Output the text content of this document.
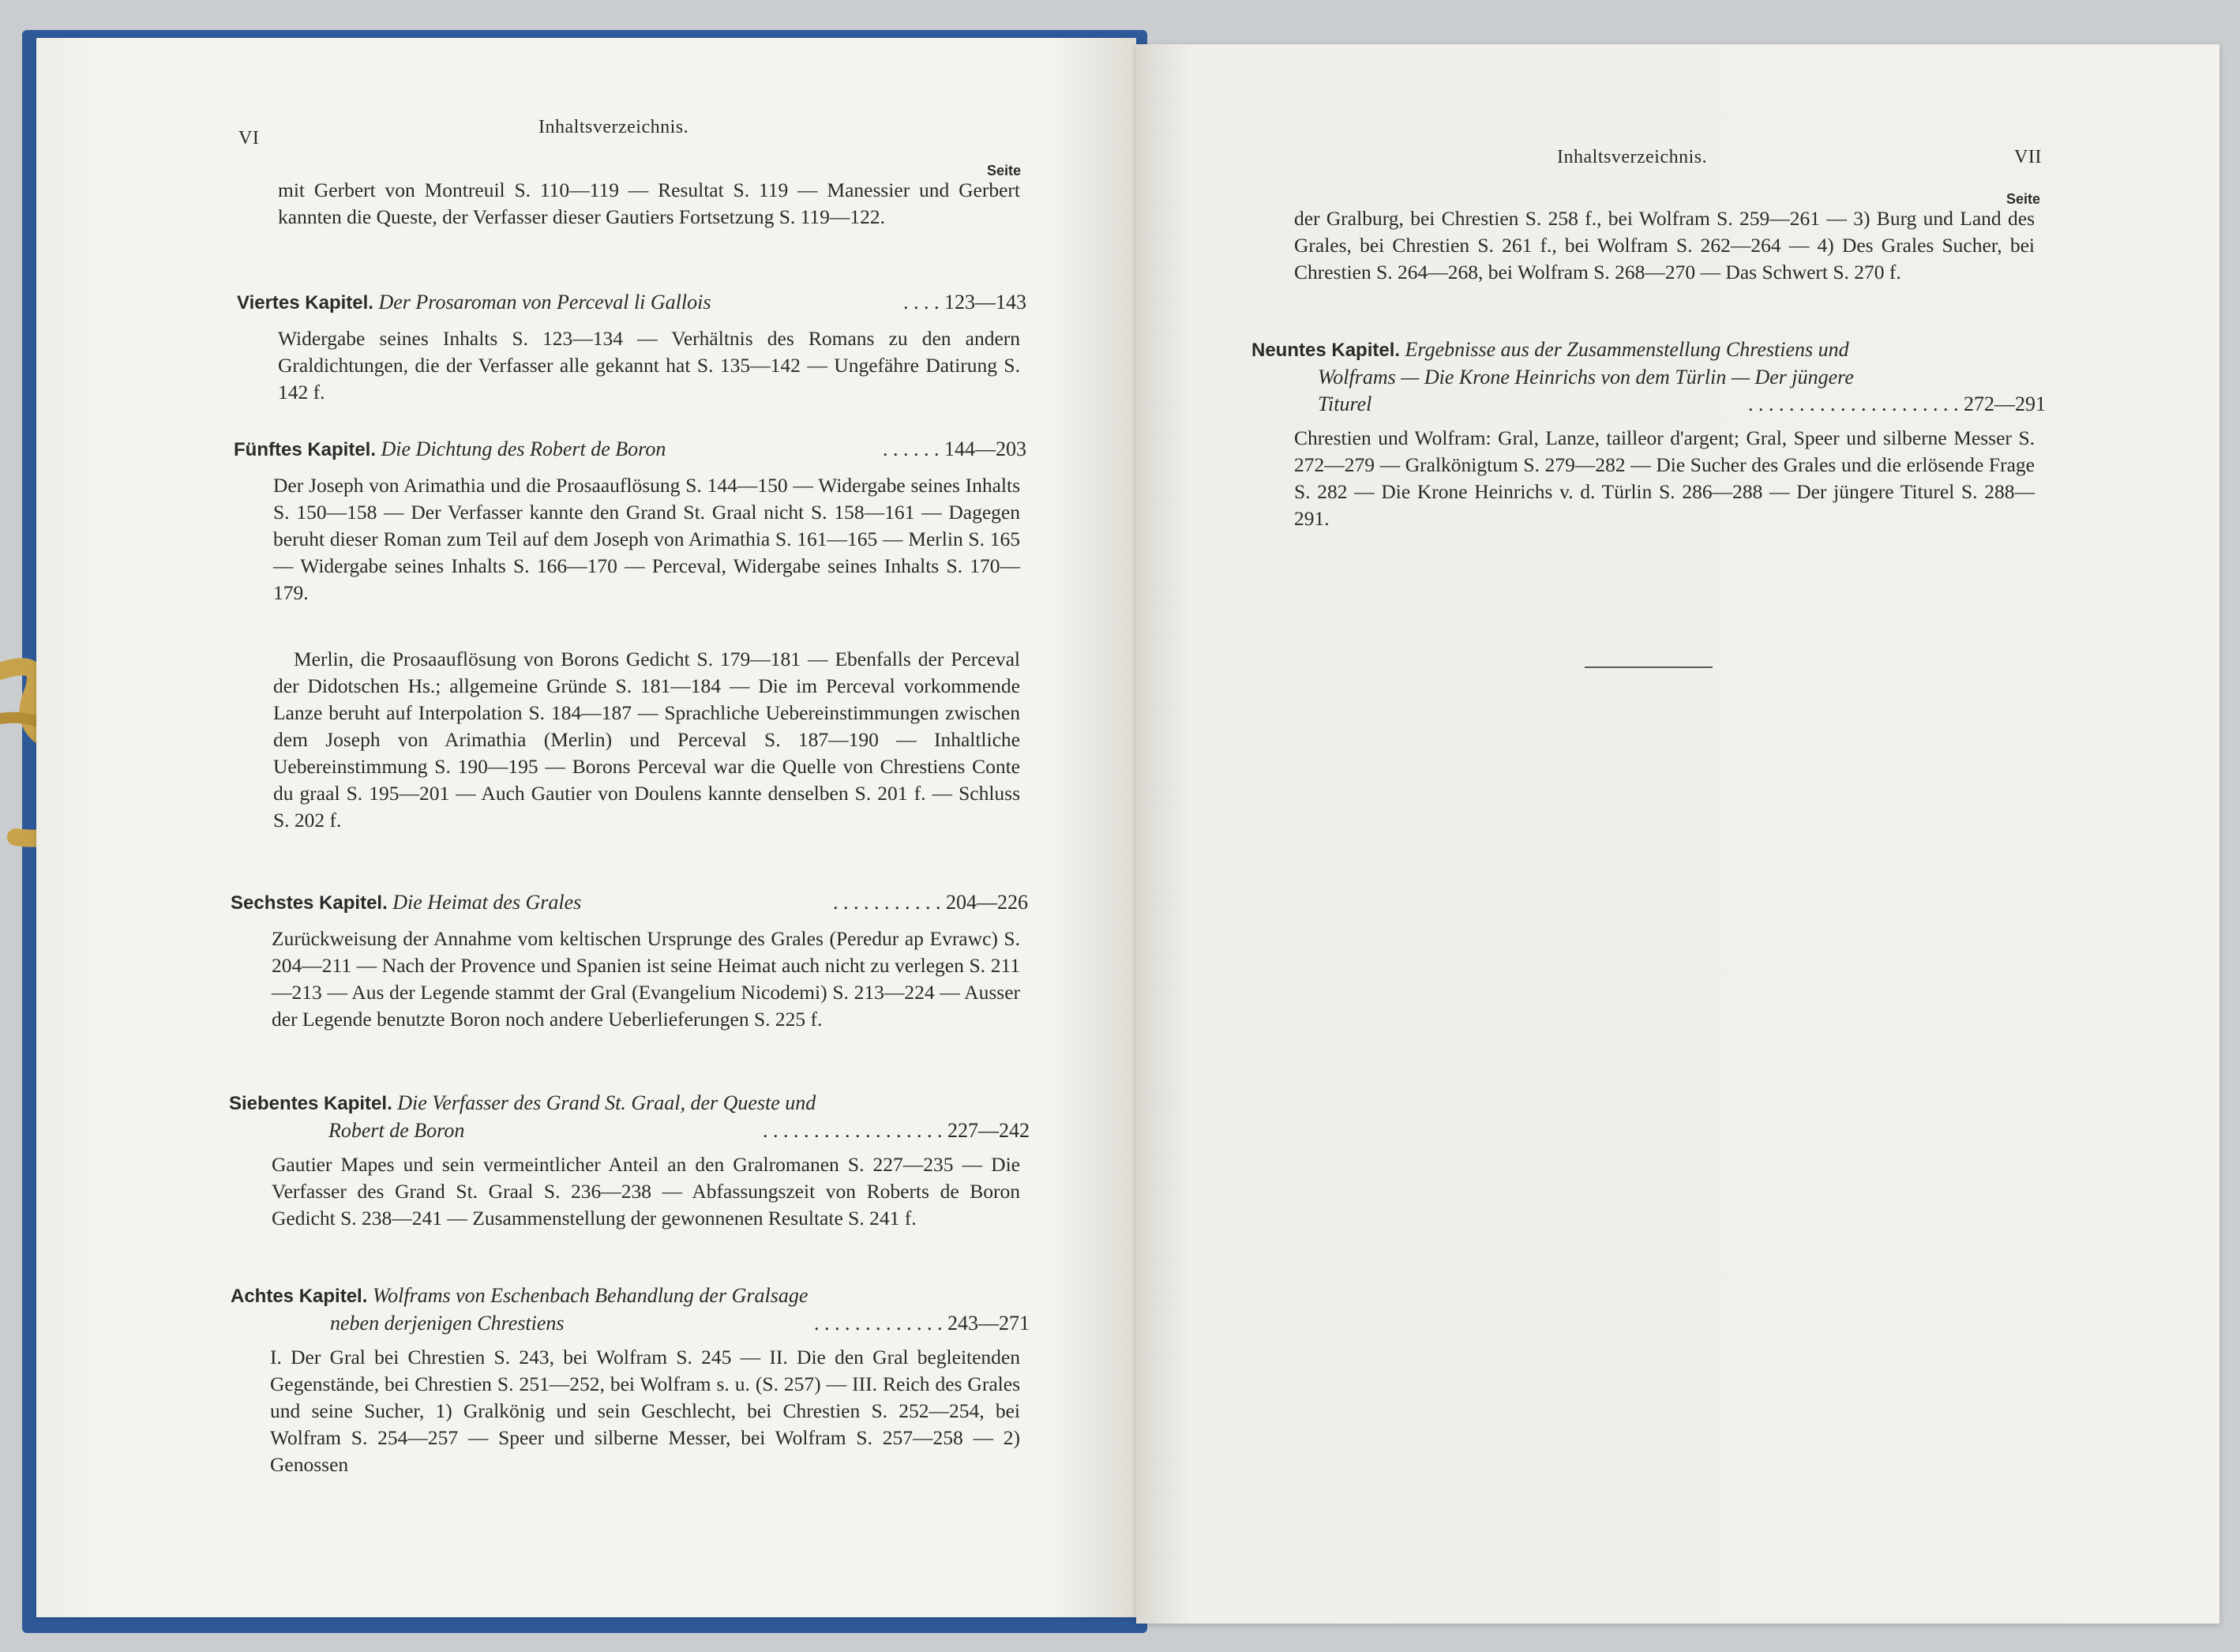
VI
Inhaltsverzeichnis.
Seite
mit Gerbert von Montreuil S. 110—119 — Resultat S. 119 — Manessier und Gerbert kannten die Queste, der Verfasser dieser Gautiers Fortsetzung S. 119—122.
Viertes Kapitel. Der Prosaroman von Perceval li Gallois	. . . . 123—143
Widergabe seines Inhalts S. 123—134 — Verhältnis des Romans zu den andern Graldichtungen, die der Verfasser alle gekannt hat S. 135—142 — Ungefähre Datirung S. 142 f.
Fünftes Kapitel. Die Dichtung des Robert de Boron	. . . . . . 144—203
Der Joseph von Arimathia und die Prosaauflösung S. 144—150 — Widergabe seines Inhalts S. 150—158 — Der Verfasser kannte den Grand St. Graal nicht S. 158—161 — Dagegen beruht dieser Roman zum Teil auf dem Joseph von Arimathia S. 161—165 — Merlin S. 165 — Widergabe seines Inhalts S. 166—170 — Perceval, Widergabe seines Inhalts S. 170—179.
Merlin, die Prosaauflösung von Borons Gedicht S. 179—181 — Ebenfalls der Perceval der Didotschen Hs.; allgemeine Gründe S. 181—184 — Die im Perceval vorkommende Lanze beruht auf Interpolation S. 184—187 — Sprachliche Uebereinstimmungen zwischen dem Joseph von Arimathia (Merlin) und Perceval S. 187—190 — Inhaltliche Uebereinstimmung S. 190—195 — Borons Perceval war die Quelle von Chrestiens Conte du graal S. 195—201 — Auch Gautier von Doulens kannte denselben S. 201 f. — Schluss S. 202 f.
Sechstes Kapitel. Die Heimat des Grales	. . . . . . . . . . . 204—226
Zurückweisung der Annahme vom keltischen Ursprunge des Grales (Peredur ap Evrawc) S. 204—211 — Nach der Provence und Spanien ist seine Heimat auch nicht zu verlegen S. 211—213 — Aus der Legende stammt der Gral (Evangelium Nicodemi) S. 213—224 — Ausser der Legende benutzte Boron noch andere Ueberlieferungen S. 225 f.
Siebentes Kapitel. Die Verfasser des Grand St. Graal, der Queste und
Robert de Boron	. . . . . . . . . . . . . . . . . . 227—242
Gautier Mapes und sein vermeintlicher Anteil an den Gralromanen S. 227—235 — Die Verfasser des Grand St. Graal S. 236—238 — Abfassungszeit von Roberts de Boron Gedicht S. 238—241 — Zusammenstellung der gewonnenen Resultate S. 241 f.
Achtes Kapitel. Wolframs von Eschenbach Behandlung der Gralsage
neben derjenigen Chrestiens	. . . . . . . . . . . . . 243—271
I. Der Gral bei Chrestien S. 243, bei Wolfram S. 245 — II. Die den Gral begleitenden Gegenstände, bei Chrestien S. 251—252, bei Wolfram s. u. (S. 257) — III. Reich des Grales und seine Sucher, 1) Gralkönig und sein Geschlecht, bei Chrestien S. 252—254, bei Wolfram S. 254—257 — Speer und silberne Messer, bei Wolfram S. 257—258 — 2) Genossen
Inhaltsverzeichnis.	VII
Seite
der Gralburg, bei Chrestien S. 258 f., bei Wolfram S. 259—261 — 3) Burg und Land des Grales, bei Chrestien S. 261 f., bei Wolfram S. 262—264 — 4) Des Grales Sucher, bei Chrestien S. 264—268, bei Wolfram S. 268—270 — Das Schwert S. 270 f.
Neuntes Kapitel. Ergebnisse aus der Zusammenstellung Chrestiens und
Wolframs — Die Krone Heinrichs von dem Türlin — Der jüngere
Titurel	. . . . . . . . . . . . . . . . . . . . . 272—291
Chrestien und Wolfram: Gral, Lanze, tailleor d'argent; Gral, Speer und silberne Messer S. 272—279 — Gralkönigtum S. 279—282 — Die Sucher des Grales und die erlösende Frage S. 282 — Die Krone Heinrichs v. d. Türlin S. 286—288 — Der jüngere Titurel S. 288—291.
